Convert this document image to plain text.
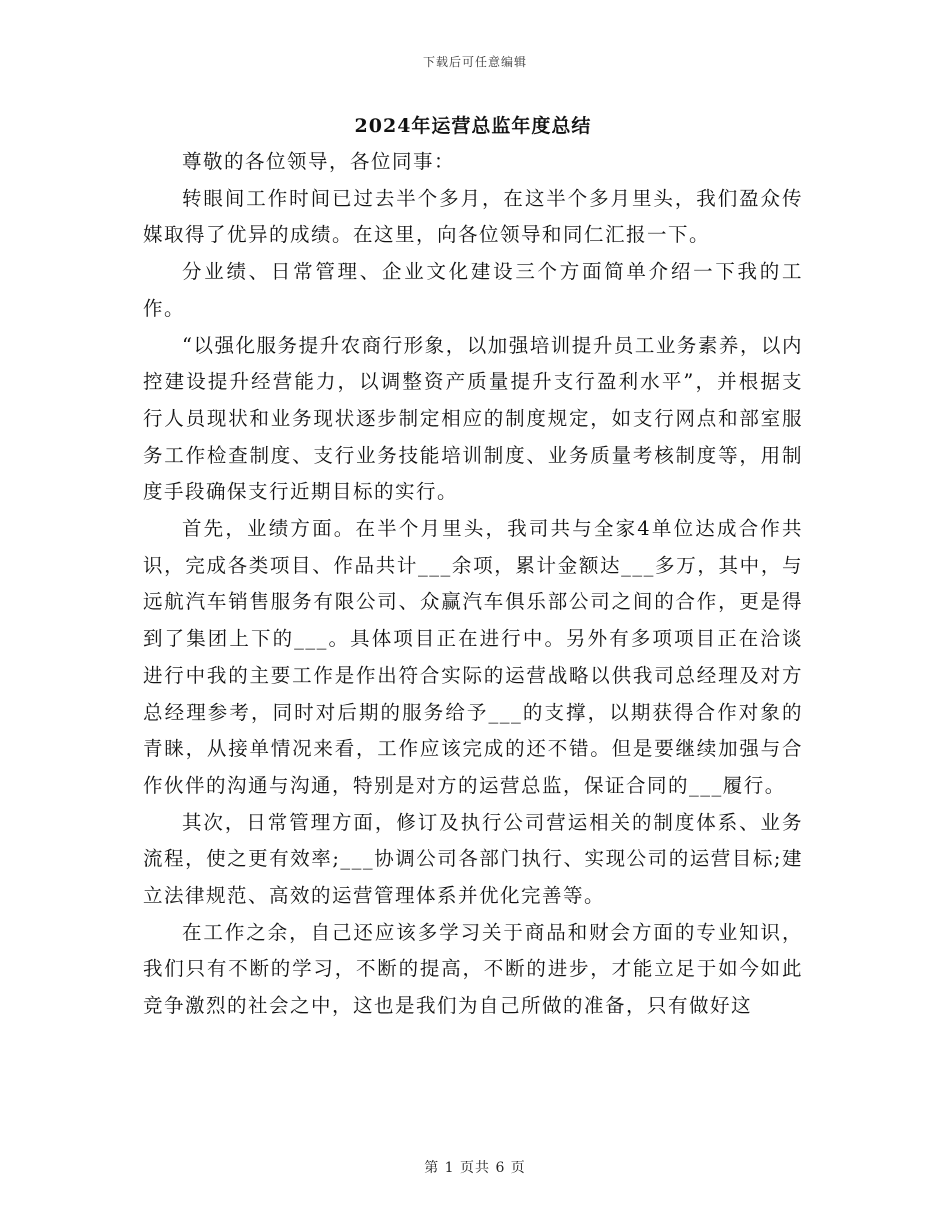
下载后可任意编辑
2024年运营总监年度总结

尊敬的各位领导，各位同事：

转眼间工作时间已过去半个多月，在这半个多月里头，我们盈众传媒取得了优异的成绩。在这里，向各位领导和同仁汇报一下。

分业绩、日常管理、企业文化建设三个方面简单介绍一下我的工作。

“以强化服务提升农商行形象，以加强培训提升员工业务素养，以内控建设提升经营能力，以调整资产质量提升支行盈利水平”，并根据支行人员现状和业务现状逐步制定相应的制度规定，如支行网点和部室服务工作检查制度、支行业务技能培训制度、业务质量考核制度等，用制度手段确保支行近期目标的实行。

首先，业绩方面。在半个月里头，我司共与全家4单位达成合作共识，完成各类项目、作品共计___余项，累计金额达___多万，其中，与远航汽车销售服务有限公司、众赢汽车俱乐部公司之间的合作，更是得到了集团上下的___。具体项目正在进行中。另外有多项项目正在洽谈进行中我的主要工作是作出符合实际的运营战略以供我司总经理及对方总经理参考，同时对后期的服务给予___的支撑，以期获得合作对象的青睐，从接单情况来看，工作应该完成的还不错。但是要继续加强与合作伙伴的沟通与沟通，特别是对方的运营总监，保证合同的___履行。

其次，日常管理方面，修订及执行公司营运相关的制度体系、业务流程，使之更有效率;___协调公司各部门执行、实现公司的运营目标;建立法律规范、高效的运营管理体系并优化完善等。

在工作之余，自己还应该多学习关于商品和财会方面的专业知识，我们只有不断的学习，不断的提高，不断的进步，才能立足于如今如此竞争激烈的社会之中，这也是我们为自己所做的准备，只有做好这

第 1 页共 6 页
